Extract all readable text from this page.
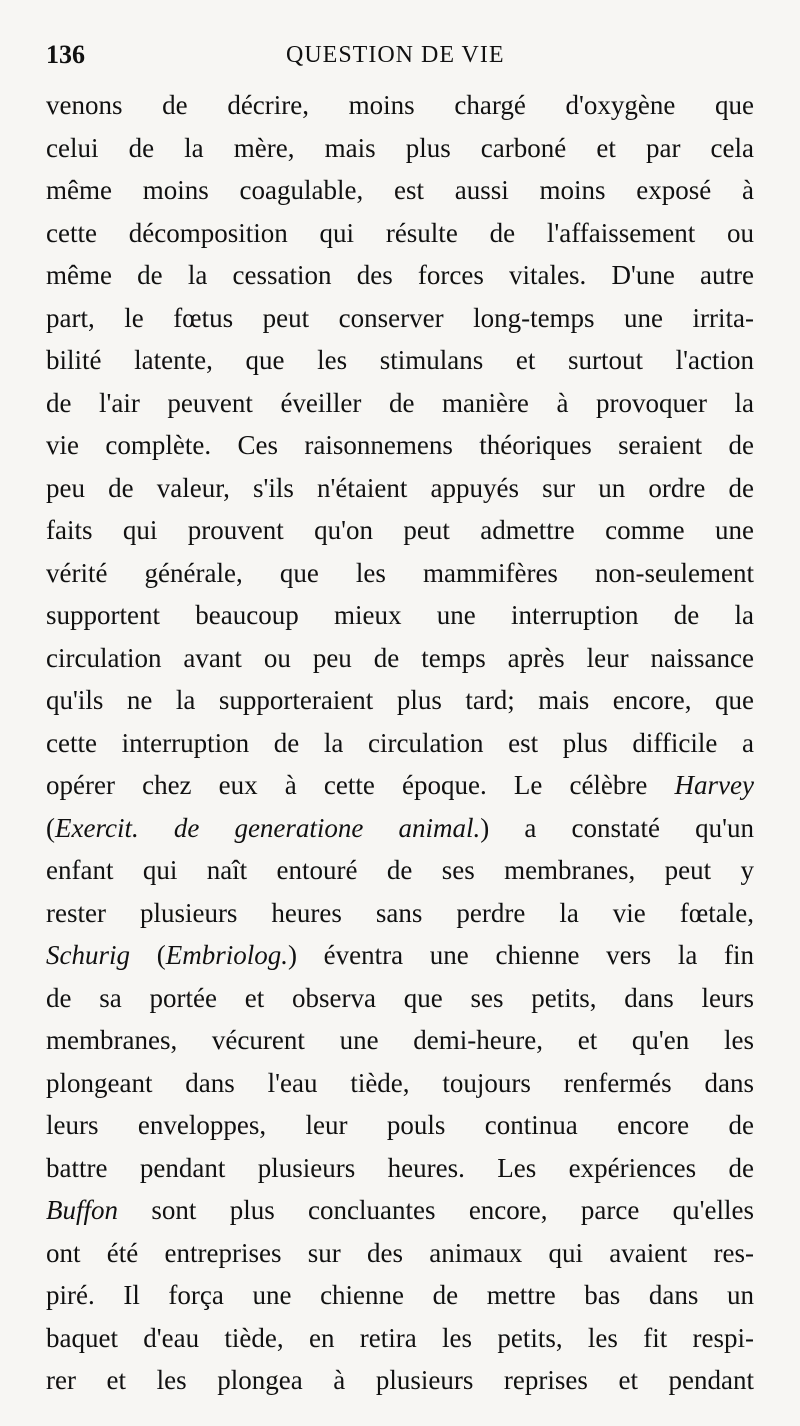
136	QUESTION DE VIE
venons de décrire, moins chargé d'oxygène que
celui de la mère, mais plus carboné et par cela
même moins coagulable, est aussi moins exposé à
cette décomposition qui résulte de l'affaissement ou
même de la cessation des forces vitales. D'une autre
part, le fœtus peut conserver long-temps une irrita-
bilité latente, que les stimulans et surtout l'action
de l'air peuvent éveiller de manière à provoquer la
vie complète. Ces raisonnemens théoriques seraient de
peu de valeur, s'ils n'étaient appuyés sur un ordre de
faits qui prouvent qu'on peut admettre comme une
vérité générale, que les mammifères non-seulement
supportent beaucoup mieux une interruption de la
circulation avant ou peu de temps après leur naissance
qu'ils ne la supporteraient plus tard; mais encore, que
cette interruption de la circulation est plus difficile a
opérer chez eux à cette époque. Le célèbre Harvey
(Exercit. de generatione animal.) a constaté qu'un
enfant qui naît entouré de ses membranes, peut y
rester plusieurs heures sans perdre la vie fœtale,
Schurig (Embriolog.) éventra une chienne vers la fin
de sa portée et observa que ses petits, dans leurs
membranes, vécurent une demi-heure, et qu'en les
plongeant dans l'eau tiède, toujours renfermés dans
leurs enveloppes, leur pouls continua encore de
battre pendant plusieurs heures. Les expériences de
Buffon sont plus concluantes encore, parce qu'elles
ont été entreprises sur des animaux qui avaient res-
piré. Il força une chienne de mettre bas dans un
baquet d'eau tiède, en retira les petits, les fit respi-
rer et les plongea à plusieurs reprises et pendant
